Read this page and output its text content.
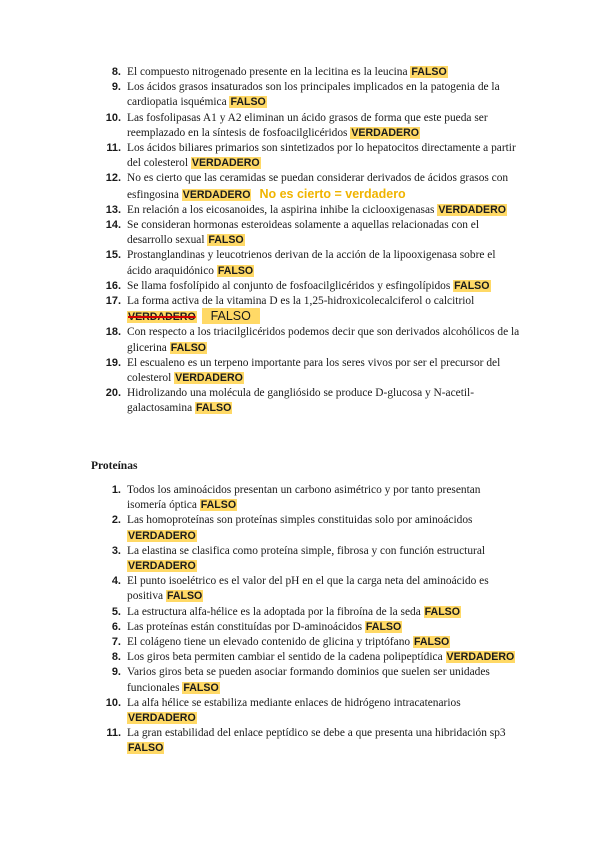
8. El compuesto nitrogenado presente en la lecitina es la leucina FALSO
9. Los ácidos grasos insaturados son los principales implicados en la patogenia de la cardiopatia isquémica FALSO
10. Las fosfolipasas A1 y A2 eliminan un ácido grasos de forma que este pueda ser reemplazado en la síntesis de fosfoacilglicéridos VERDADERO
11. Los ácidos biliares primarios son sintetizados por lo hepatocitos directamente a partir del colesterol VERDADERO
12. No es cierto que las ceramidas se puedan considerar derivados de ácidos grasos con esfingosina VERDADERO No es cierto = verdadero
13. En relación a los eicosanoides, la aspirina inhibe la ciclooxigenasas VERDADERO
14. Se consideran hormonas esteroideas solamente a aquellas relacionadas con el desarrollo sexual FALSO
15. Prostanglandinas y leucotrienos derivan de la acción de la lipooxigenasa sobre el ácido araquidónico FALSO
16. Se llama fosfolípido al conjunto de fosfoacilglicéridos y esfingolípidos FALSO
17. La forma activa de la vitamina D es la 1,25-hidroxicolecalciferol o calcitriol VERDADERO FALSO
18. Con respecto a los triacilglicéridos podemos decir que son derivados alcohólicos de la glicerina FALSO
19. El escualeno es un terpeno importante para los seres vivos por ser el precursor del colesterol VERDADERO
20. Hidrolizando una molécula de gangliósido se produce D-glucosa y N-acetil-galactosamina FALSO
Proteínas
1. Todos los aminoácidos presentan un carbono asimétrico y por tanto presentan isomería óptica FALSO
2. Las homoproteínas son proteínas simples constituidas solo por aminoácidos VERDADERO
3. La elastina se clasifica como proteína simple, fibrosa y con función estructural VERDADERO
4. El punto isoelétrico es el valor del pH en el que la carga neta del aminoácido es positiva FALSO
5. La estructura alfa-hélice es la adoptada por la fibroína de la seda FALSO
6. Las proteínas están constituídas por D-aminoácidos FALSO
7. El colágeno tiene un elevado contenido de glicina y triptófano FALSO
8. Los giros beta permiten cambiar el sentido de la cadena polipeptídica VERDADERO
9. Varios giros beta se pueden asociar formando dominios que suelen ser unidades funcionales FALSO
10. La alfa hélice se estabiliza mediante enlaces de hidrógeno intracatenarios VERDADERO
11. La gran estabilidad del enlace peptídico se debe a que presenta una hibridación sp3 FALSO
